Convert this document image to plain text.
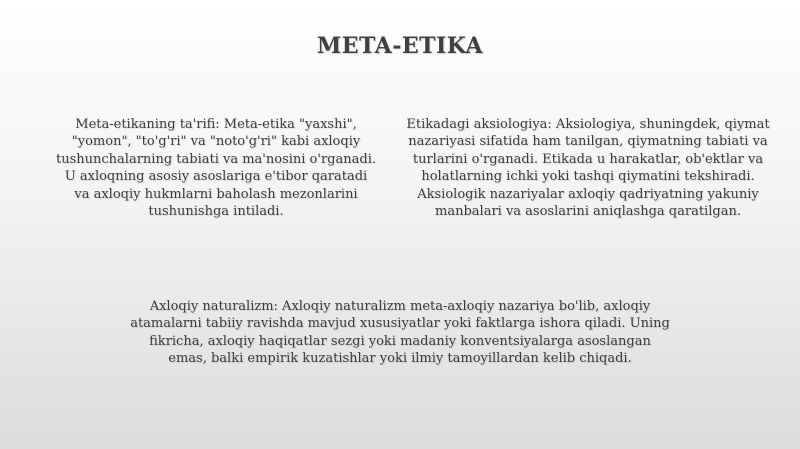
META-ETIKA

Meta-etikaning ta'rifi: Meta-etika "yaxshi", "yomon", "to'g'ri" va "noto'g'ri" kabi axloqiy tushunchalarning tabiati va ma'nosini o'rganadi. U axloqning asosiy asoslariga e'tibor qaratadi va axloqiy hukmlarni baholash mezonlarini tushunishga intiladi.

Etikadagi aksiologiya: Aksiologiya, shuningdek, qiymat nazariyasi sifatida ham tanilgan, qiymatning tabiati va turlarini o'rganadi. Etikada u harakatlar, ob'ektlar va holatlarning ichki yoki tashqi qiymatini tekshiradi. Aksiologik nazariyalar axloqiy qadriyatning yakuniy manbalari va asoslarini aniqlashga qaratilgan.

Axloqiy naturalizm: Axloqiy naturalizm meta-axloqiy nazariya bo'lib, axloqiy atamalarni tabiiy ravishda mavjud xususiyatlar yoki faktlarga ishora qiladi. Uning fikricha, axloqiy haqiqatlar sezgi yoki madaniy konventsiyalarga asoslangan emas, balki empirik kuzatishlar yoki ilmiy tamoyillardan kelib chiqadi.
